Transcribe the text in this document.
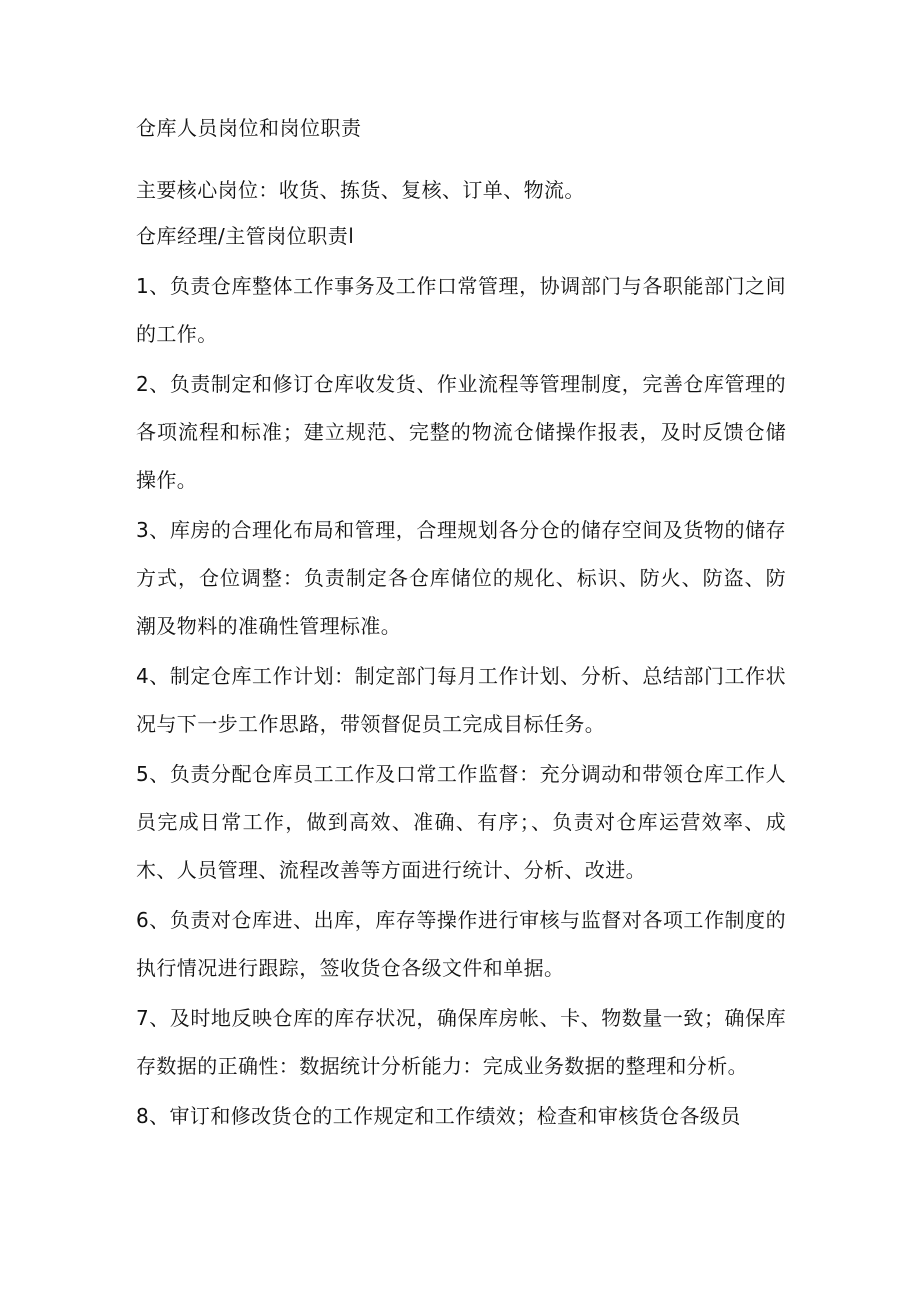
仓库人员岗位和岗位职责
主要核心岗位：收货、拣货、复核、订单、物流。
仓库经理/主管岗位职责l
1、负责仓库整体工作事务及工作口常管理，协调部门与各职能部门之间的工作。
2、负责制定和修订仓库收发货、作业流程等管理制度，完善仓库管理的各项流程和标准；建立规范、完整的物流仓储操作报表，及时反馈仓储操作。
3、库房的合理化布局和管理，合理规划各分仓的储存空间及货物的储存方式，仓位调整：负责制定各仓库储位的规化、标识、防火、防盗、防潮及物料的准确性管理标准。
4、制定仓库工作计划：制定部门每月工作计划、分析、总结部门工作状况与下一步工作思路，带领督促员工完成目标任务。
5、负责分配仓库员工工作及口常工作监督：充分调动和带领仓库工作人员完成日常工作，做到高效、准确、有序；、负责对仓库运营效率、成木、人员管理、流程改善等方面进行统计、分析、改进。
6、负责对仓库进、出库，库存等操作进行审核与监督对各项工作制度的执行情况进行跟踪，签收货仓各级文件和单据。
7、及时地反映仓库的库存状况，确保库房帐、卡、物数量一致；确保库存数据的正确性：数据统计分析能力：完成业务数据的整理和分析。
8、审订和修改货仓的工作规定和工作绩效；检查和审核货仓各级员
